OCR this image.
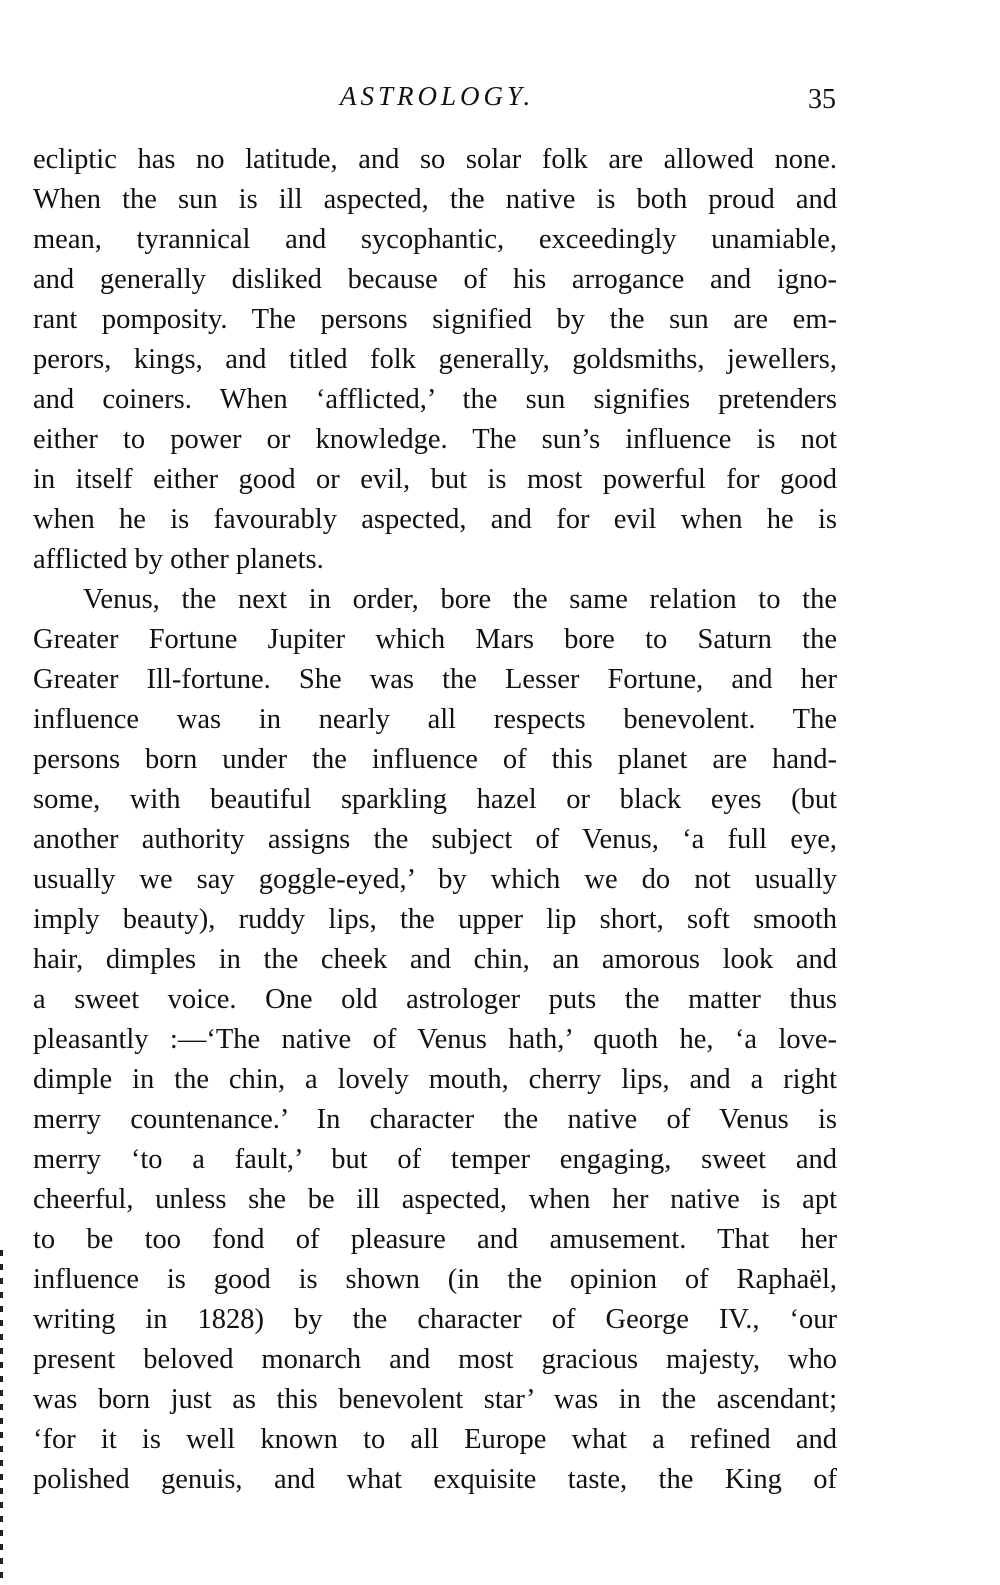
ASTROLOGY.	35
ecliptic has no latitude, and so solar folk are allowed none.
When the sun is ill aspected, the native is both proud and
mean, tyrannical and sycophantic, exceedingly unamiable,
and generally disliked because of his arrogance and igno-
rant pomposity. The persons signified by the sun are em-
perors, kings, and titled folk generally, goldsmiths, jewellers,
and coiners. When ‘afflicted,’ the sun signifies pretenders
either to power or knowledge. The sun’s influence is not
in itself either good or evil, but is most powerful for good
when he is favourably aspected, and for evil when he is
afflicted by other planets.
Venus, the next in order, bore the same relation to the
Greater Fortune Jupiter which Mars bore to Saturn the
Greater Ill-fortune. She was the Lesser Fortune, and her
influence was in nearly all respects benevolent. The
persons born under the influence of this planet are hand-
some, with beautiful sparkling hazel or black eyes (but
another authority assigns the subject of Venus, ‘a full eye,
usually we say goggle-eyed,’ by which we do not usually
imply beauty), ruddy lips, the upper lip short, soft smooth
hair, dimples in the cheek and chin, an amorous look and
a sweet voice. One old astrologer puts the matter thus
pleasantly :—‘The native of Venus hath,’ quoth he, ‘a love-
dimple in the chin, a lovely mouth, cherry lips, and a right
merry countenance.’ In character the native of Venus is
merry ‘to a fault,’ but of temper engaging, sweet and
cheerful, unless she be ill aspected, when her native is apt
to be too fond of pleasure and amusement. That her
influence is good is shown (in the opinion of Raphaël,
writing in 1828) by the character of George IV., ‘our
present beloved monarch and most gracious majesty, who
was born just as this benevolent star’ was in the ascendant;
‘for it is well known to all Europe what a refined and
polished genuis, and what exquisite taste, the King of
